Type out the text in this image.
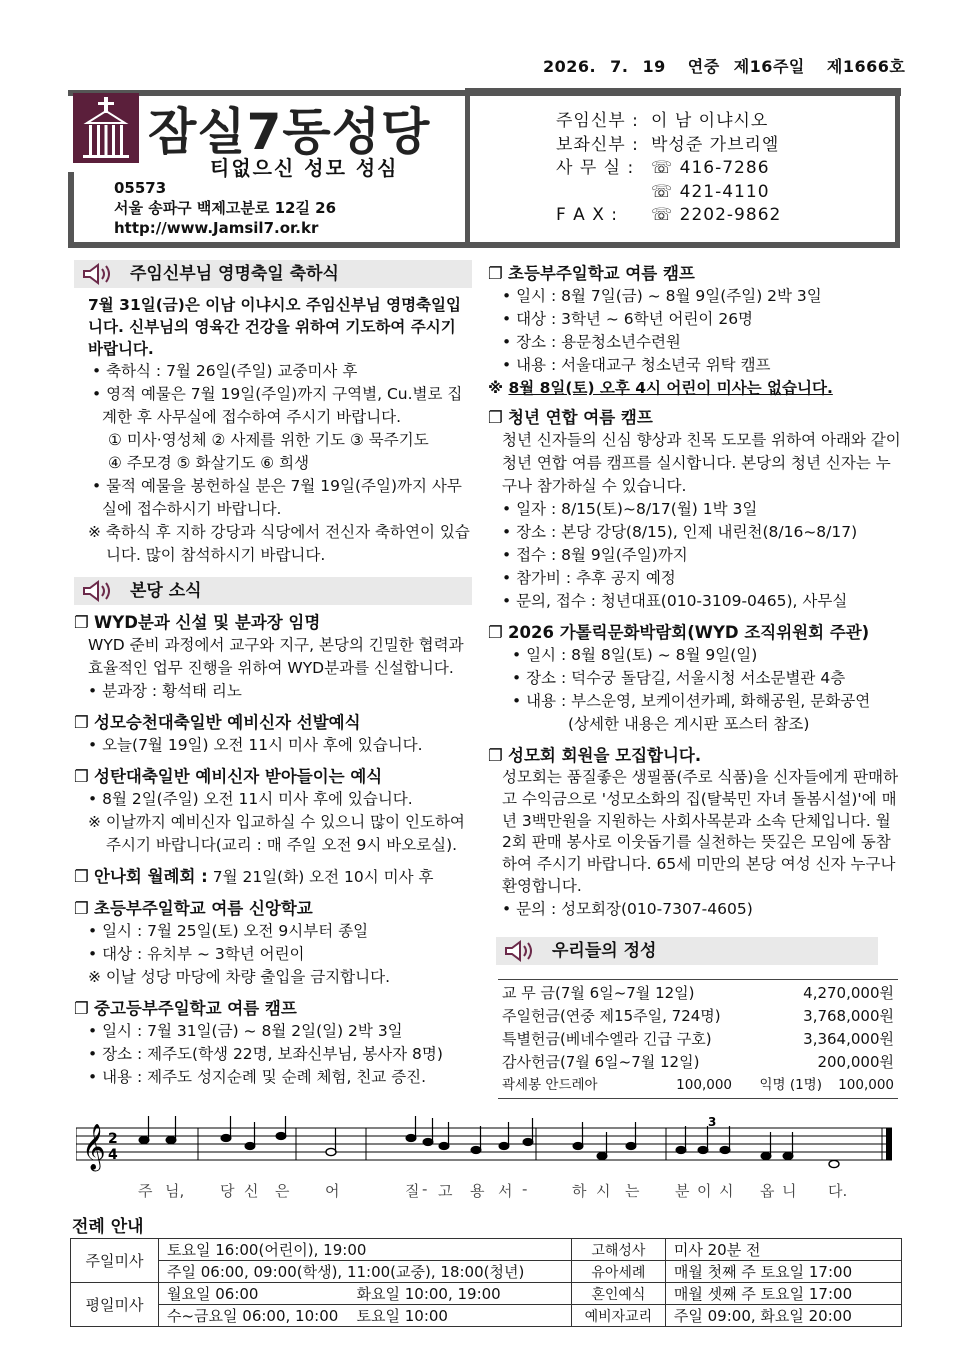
2026. 7. 19 연중 제16주일 제1666호
잠실7동성당
티없으신 성모 성심
05573
서울 송파구 백제고분로 12길 26
http://www.Jamsil7.or.kr
주임신부 : 이 남 이냐시오
보좌신부 : 박성준 가브리엘
사 무 실 : ☏ 416-7286
☏ 421-4110
F A X : ☏ 2202-9862
주임신부님 영명축일 축하식
7월 31일(금)은 이남 이냐시오 주임신부님 영명축일입니다. 신부님의 영육간 건강을 위하여 기도하여 주시기 바랍니다.
• 축하식 : 7월 26일(주일) 교중미사 후
• 영적 예물은 7월 19일(주일)까지 구역별, Cu.별로 집계한 후 사무실에 접수하여 주시기 바랍니다.
① 미사·영성체 ② 사제를 위한 기도 ③ 묵주기도
④ 주모경 ⑤ 화살기도 ⑥ 희생
• 물적 예물을 봉헌하실 분은 7월 19일(주일)까지 사무실에 접수하시기 바랍니다.
※ 축하식 후 지하 강당과 식당에서 전신자 축하연이 있습니다. 많이 참석하시기 바랍니다.
본당 소식
❐ WYD분과 신설 및 분과장 임명
WYD 준비 과정에서 교구와 지구, 본당의 긴밀한 협력과 효율적인 업무 진행을 위하여 WYD분과를 신설합니다.
• 분과장 : 황석태 리노
❐ 성모승천대축일반 예비신자 선발예식
• 오늘(7월 19일) 오전 11시 미사 후에 있습니다.
❐ 성탄대축일반 예비신자 받아들이는 예식
• 8월 2일(주일) 오전 11시 미사 후에 있습니다.
※ 이날까지 예비신자 입교하실 수 있으니 많이 인도하여 주시기 바랍니다(교리 : 매 주일 오전 9시 바오로실).
❐ 안나회 월례회 : 7월 21일(화) 오전 10시 미사 후
❐ 초등부주일학교 여름 신앙학교
• 일시 : 7월 25일(토) 오전 9시부터 종일
• 대상 : 유치부 ~ 3학년 어린이
※ 이날 성당 마당에 차량 출입을 금지합니다.
❐ 중고등부주일학교 여름 캠프
• 일시 : 7월 31일(금) ~ 8월 2일(일) 2박 3일
• 장소 : 제주도(학생 22명, 보좌신부님, 봉사자 8명)
• 내용 : 제주도 성지순례 및 순례 체험, 친교 증진.
❐ 초등부주일학교 여름 캠프
• 일시 : 8월 7일(금) ~ 8월 9일(주일) 2박 3일
• 대상 : 3학년 ~ 6학년 어린이 26명
• 장소 : 용문청소년수련원
• 내용 : 서울대교구 청소년국 위탁 캠프
※ 8월 8일(토) 오후 4시 어린이 미사는 없습니다.
❐ 청년 연합 여름 캠프
청년 신자들의 신심 향상과 친목 도모를 위하여 아래와 같이 청년 연합 여름 캠프를 실시합니다. 본당의 청년 신자는 누구나 참가하실 수 있습니다.
• 일자 : 8/15(토)~8/17(월) 1박 3일
• 장소 : 본당 강당(8/15), 인제 내린천(8/16~8/17)
• 접수 : 8월 9일(주일)까지
• 참가비 : 추후 공지 예정
• 문의, 접수 : 청년대표(010-3109-0465), 사무실
❐ 2026 가톨릭문화박람회(WYD 조직위원회 주관)
• 일시 : 8월 8일(토) ~ 8월 9일(일)
• 장소 : 덕수궁 돌담길, 서울시청 서소문별관 4층
• 내용 : 부스운영, 보케이션카페, 화해공원, 문화공연
(상세한 내용은 게시판 포스터 참조)
❐ 성모회 회원을 모집합니다.
성모회는 품질좋은 생필품(주로 식품)을 신자들에게 판매하고 수익금으로 '성모소화의 집(탈북민 자녀 돌봄시설)'에 매년 3백만원을 지원하는 사회사목분과 소속 단체입니다. 월 2회 판매 봉사로 이웃돕기를 실천하는 뜻깊은 모임에 동참하여 주시기 바랍니다. 65세 미만의 본당 여성 신자 누구나 환영합니다.
• 문의 : 성모회장(010-7307-4605)
우리들의 정성
교 무 금(7월 6일~7월 12일)	4,270,000원
주일헌금(연중 제15주일, 724명)	3,768,000원
특별헌금(베네수엘라 긴급 구호)	3,364,000원
감사헌금(7월 6일~7월 12일)	200,000원
곽세봉 안드레아	100,000	익명 (1명)	100,000
𝄞 2
4
3
주 님, 당 신 은 어	질 - 고 용 서 -	하 시 는 분 이 시 옵 니 다.
전례 안내
주일미사	토요일 16:00(어린이), 19:00		고해성사	미사 20분 전
	주일 06:00, 09:00(학생), 11:00(교중), 18:00(청년)		유아세례	매월 첫째 주 토요일 17:00
평일미사	월요일 06:00	화요일 10:00, 19:00	혼인예식	매월 셋째 주 토요일 17:00
	수~금요일 06:00, 10:00	토요일 10:00	예비자교리	주일 09:00, 화요일 20:00
